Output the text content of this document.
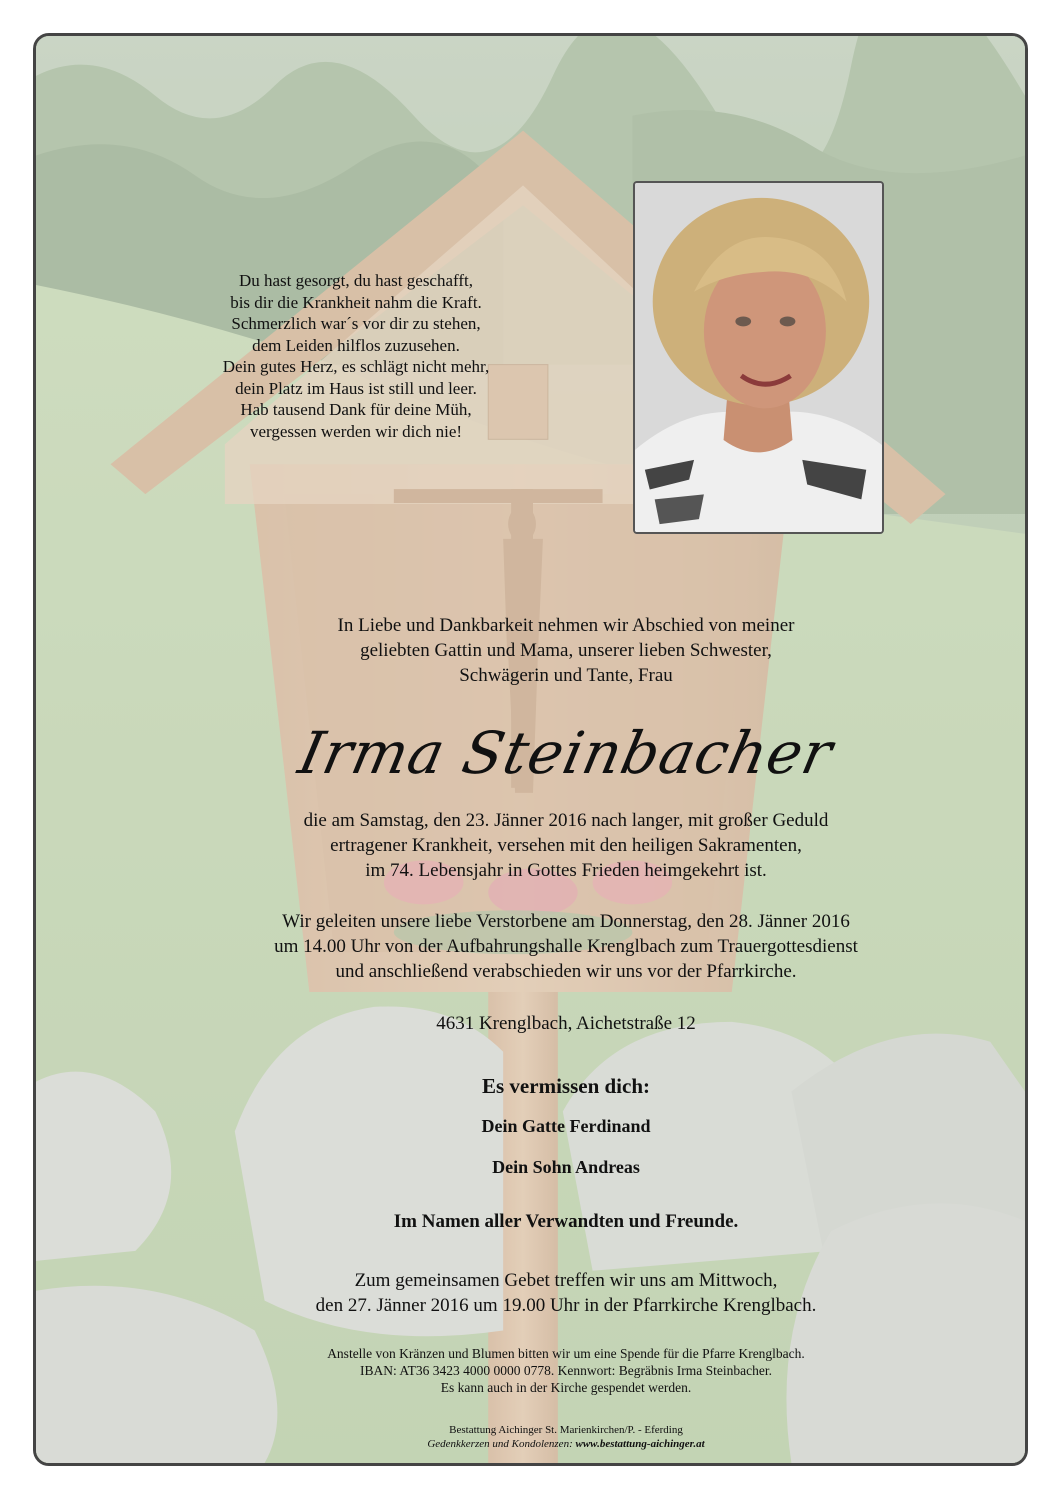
Du hast gesorgt, du hast geschafft,
bis dir die Krankheit nahm die Kraft.
Schmerzlich war´s vor dir zu stehen,
dem Leiden hilflos zuzusehen.
Dein gutes Herz, es schlägt nicht mehr,
dein Platz im Haus ist still und leer.
Hab tausend Dank für deine Müh,
vergessen werden wir dich nie!
In Liebe und Dankbarkeit nehmen wir Abschied von meiner
geliebten Gattin und Mama, unserer lieben Schwester,
Schwägerin und Tante, Frau
Irma Steinbacher
die am Samstag, den 23. Jänner 2016 nach langer, mit großer Geduld
ertragener Krankheit, versehen mit den heiligen Sakramenten,
im 74. Lebensjahr in Gottes Frieden heimgekehrt ist.
Wir geleiten unsere liebe Verstorbene am Donnerstag, den 28. Jänner 2016
um 14.00 Uhr von der Aufbahrungshalle Krenglbach zum Trauergottesdienst
und anschließend verabschieden wir uns vor der Pfarrkirche.
4631 Krenglbach, Aichetstraße 12
Es vermissen dich:
Dein Gatte Ferdinand
Dein Sohn Andreas
Im Namen aller Verwandten und Freunde.
Zum gemeinsamen Gebet treffen wir uns am Mittwoch,
den 27. Jänner 2016 um 19.00 Uhr in der Pfarrkirche Krenglbach.
Anstelle von Kränzen und Blumen bitten wir um eine Spende für die Pfarre Krenglbach.
IBAN: AT36 3423 4000 0000 0778. Kennwort: Begräbnis Irma Steinbacher.
Es kann auch in der Kirche gespendet werden.
Bestattung Aichinger St. Marienkirchen/P. - Eferding
Gedenkkerzen und Kondolenzen: www.bestattung-aichinger.at
